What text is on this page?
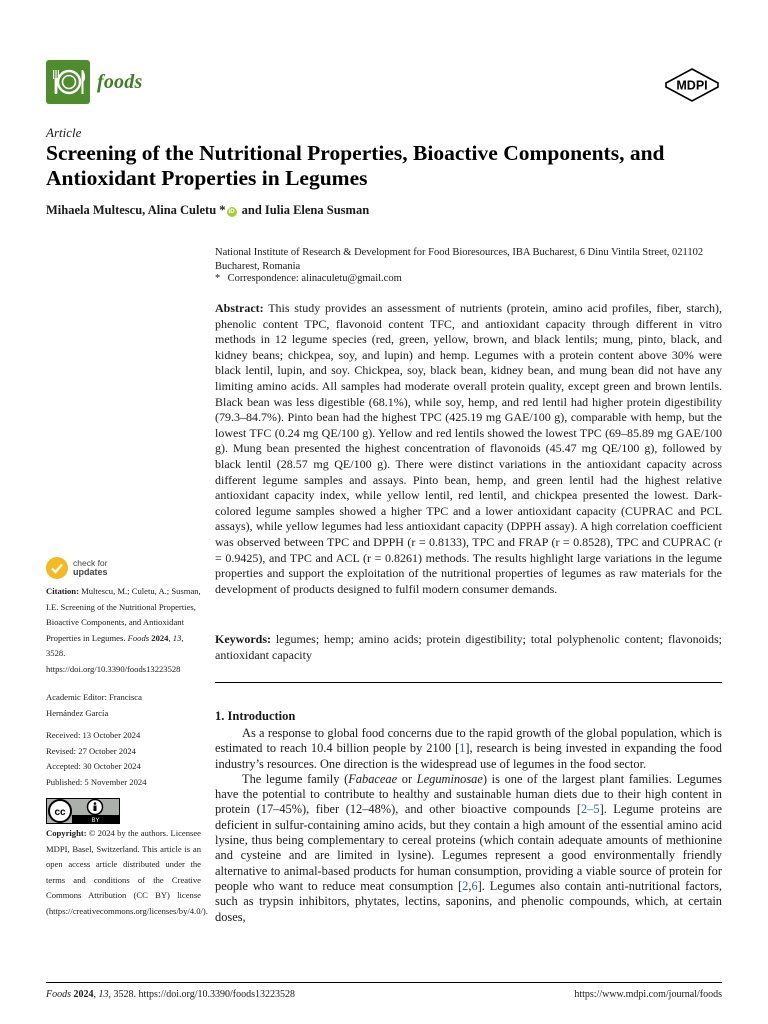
foods	MDPI
Article
Screening of the Nutritional Properties, Bioactive Components, and Antioxidant Properties in Legumes
Mihaela Multescu, Alina Culetu * iD and Iulia Elena Susman
National Institute of Research & Development for Food Bioresources, IBA Bucharest, 6 Dinu Vintila Street, 021102 Bucharest, Romania
* Correspondence: alinaculetu@gmail.com
Abstract: This study provides an assessment of nutrients (protein, amino acid profiles, fiber, starch), phenolic content TPC, flavonoid content TFC, and antioxidant capacity through different in vitro methods in 12 legume species (red, green, yellow, brown, and black lentils; mung, pinto, black, and kidney beans; chickpea, soy, and lupin) and hemp. Legumes with a protein content above 30% were black lentil, lupin, and soy. Chickpea, soy, black bean, kidney bean, and mung bean did not have any limiting amino acids. All samples had moderate overall protein quality, except green and brown lentils. Black bean was less digestible (68.1%), while soy, hemp, and red lentil had higher protein digestibility (79.3–84.7%). Pinto bean had the highest TPC (425.19 mg GAE/100 g), comparable with hemp, but the lowest TFC (0.24 mg QE/100 g). Yellow and red lentils showed the lowest TPC (69–85.89 mg GAE/100 g). Mung bean presented the highest concentration of flavonoids (45.47 mg QE/100 g), followed by black lentil (28.57 mg QE/100 g). There were distinct variations in the antioxidant capacity across different legume samples and assays. Pinto bean, hemp, and green lentil had the highest relative antioxidant capacity index, while yellow lentil, red lentil, and chickpea presented the lowest. Dark-colored legume samples showed a higher TPC and a lower antioxidant capacity (CUPRAC and PCL assays), while yellow legumes had less antioxidant capacity (DPPH assay). A high correlation coefficient was observed between TPC and DPPH (r = 0.8133), TPC and FRAP (r = 0.8528), TPC and CUPRAC (r = 0.9425), and TPC and ACL (r = 0.8261) methods. The results highlight large variations in the legume properties and support the exploitation of the nutritional properties of legumes as raw materials for the development of products designed to fulfil modern consumer demands.
Keywords: legumes; hemp; amino acids; protein digestibility; total polyphenolic content; flavonoids; antioxidant capacity
1. Introduction

As a response to global food concerns due to the rapid growth of the global population, which is estimated to reach 10.4 billion people by 2100 [1], research is being invested in expanding the food industry’s resources. One direction is the widespread use of legumes in the food sector.

The legume family (Fabaceae or Leguminosae) is one of the largest plant families. Legumes have the potential to contribute to healthy and sustainable human diets due to their high content in protein (17–45%), fiber (12–48%), and other bioactive compounds [2–5]. Legume proteins are deficient in sulfur-containing amino acids, but they contain a high amount of the essential amino acid lysine, thus being complementary to cereal proteins (which contain adequate amounts of methionine and cysteine and are limited in lysine). Legumes represent a good environmentally friendly alternative to animal-based products for human consumption, providing a viable source of protein for people who want to reduce meat consumption [2,6]. Legumes also contain anti-nutritional factors, such as trypsin inhibitors, phytates, lectins, saponins, and phenolic compounds, which, at certain doses,

check for
updates
Citation: Multescu, M.; Culetu, A.; Susman, I.E. Screening of the Nutritional Properties, Bioactive Components, and Antioxidant Properties in Legumes. Foods 2024, 13, 3528. https://doi.org/10.3390/foods13223528
Academic Editor: Francisca
Hernández García
Received: 13 October 2024
Revised: 27 October 2024
Accepted: 30 October 2024
Published: 5 November 2024
cc
BY
Copyright: © 2024 by the authors. Licensee MDPI, Basel, Switzerland. This article is an open access article distributed under the terms and conditions of the Creative Commons Attribution (CC BY) license (https://creativecommons.org/licenses/by/4.0/).
Foods 2024, 13, 3528. https://doi.org/10.3390/foods13223528	https://www.mdpi.com/journal/foods
